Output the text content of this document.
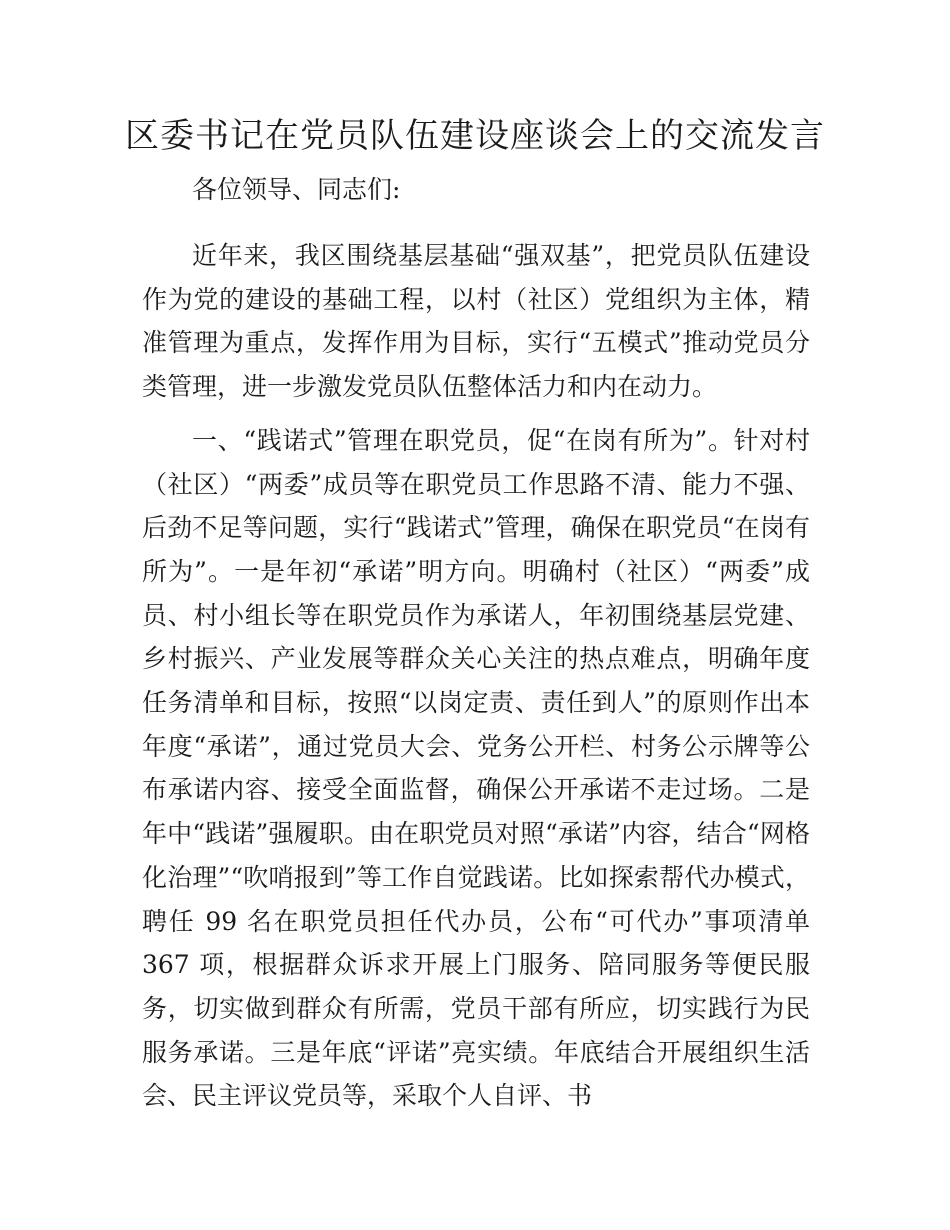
区委书记在党员队伍建设座谈会上的交流发言

各位领导、同志们:

近年来，我区围绕基层基础“强双基”，把党员队伍建设作为党的建设的基础工程，以村（社区）党组织为主体，精准管理为重点，发挥作用为目标，实行“五模式”推动党员分类管理，进一步激发党员队伍整体活力和内在动力。

一、“践诺式”管理在职党员，促“在岗有所为”。针对村（社区）“两委”成员等在职党员工作思路不清、能力不强、后劲不足等问题，实行“践诺式”管理，确保在职党员“在岗有所为”。一是年初“承诺”明方向。明确村（社区）“两委”成员、村小组长等在职党员作为承诺人，年初围绕基层党建、乡村振兴、产业发展等群众关心关注的热点难点，明确年度任务清单和目标，按照“以岗定责、责任到人”的原则作出本年度“承诺”，通过党员大会、党务公开栏、村务公示牌等公布承诺内容、接受全面监督，确保公开承诺不走过场。二是年中“践诺”强履职。由在职党员对照“承诺”内容，结合“网格化治理”“吹哨报到”等工作自觉践诺。比如探索帮代办模式，聘任 99 名在职党员担任代办员，公布“可代办”事项清单 367 项，根据群众诉求开展上门服务、陪同服务等便民服务，切实做到群众有所需，党员干部有所应，切实践行为民服务承诺。三是年底“评诺”亮实绩。年底结合开展组织生活会、民主评议党员等，采取个人自评、书
